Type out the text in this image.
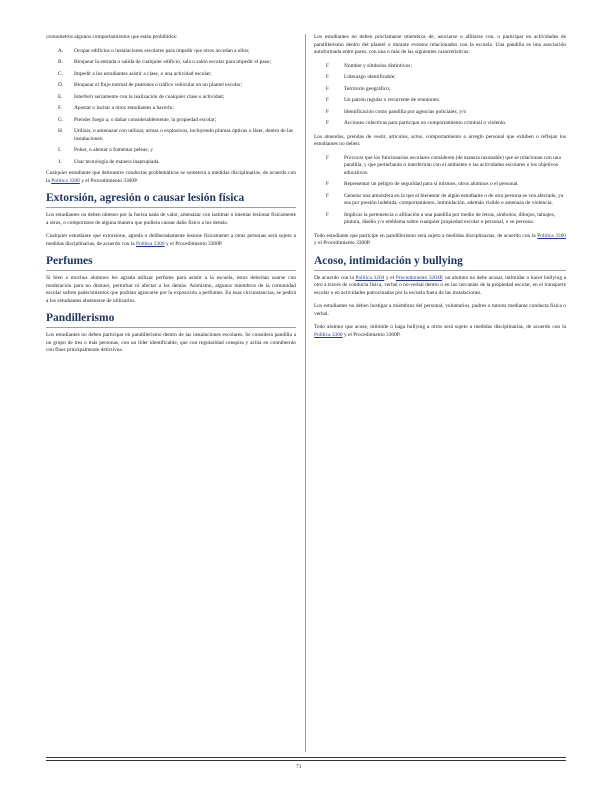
cronometros algunos comportamientos que están prohibidos:

A.	Ocupar edificios o instalaciones escolares para impedir que otros accedan a ellos;
B.	Bloquear la entrada o salida de cualquier edificio, sala o salón escolar para impedir el paso;
C.	Impedir a los estudiantes asistir a clase, o una actividad escolar;
D.	Bloquear el flujo normal de peatones o tráfico vehicular en un plantel escolar;
E.	Interferir seriamente con la realización de cualquier clase o actividad;
F.	Apostar o incitar a otros estudiantes a hacerlo;
G.	Prender fuego a, o dañar considerablemente, la propiedad escolar;
H.	Utilizar, o amenazar con utilizar, armas o explosivos, incluyendo plumas ópticas o láser, dentro de las instalaciones;
I.	Poker, o alentar o fomentar peleas; y
J.	Usar tecnología de manera inapropiada.

Cualquier estudiante que demuestre conductas problemáticas se someterá a medidas disciplinarias, de acuerdo con la Política 3300 y el Procedimiento 3300P.

Extorsión, agresión o causar lesión física

Los estudiantes no deben obtener por la fuerza nada de valor, amenazar con lastimar o intentar lesionar físicamente a otros, o comportarse de alguna manera que pudiera causar daño físico a los demás.

Cualquier estudiante que extorsione, agreda o deliberadamente lesione físicamente a otras personas será sujeto a medidas disciplinarias, de acuerdo con la Política 3300 y el Procedimiento 3300P.

Perfumes

Si bien a muchos alumnos les agrada utilizar perfume para asistir a la escuela, éstos deberían usarse con moderación para no distraer, perturbar ni afectar a los demás. Asimismo, algunos miembros de la comunidad escolar sufren padecimientos que podrían agravarse por la exposición a perfumes. En esas circunstancias, se pedirá a los estudiantes abstenerse de utilizarlos.

Pandillerismo

Los estudiantes no deben participar en pandillerismo dentro de las instalaciones escolares. Se considera pandilla a un grupo de tres o más personas, con un líder identificable, que con regularidad conspira y actúa en contubernio con fines principalmente delictivos.

Los estudiantes no deben proclamarse miembros de, asociarse o afiliarse con, o participar en actividades de pandillerismo dentro del plantel o durante eventos relacionados con la escuela. Una pandilla es una asociación autoformada entre pares, con una o más de las siguientes características:

F	Nombre y símbolos distintivos;
F	Liderazgo identificable;
F	Territorio geográfico;
F	Un patrón regular o recurrente de reuniones;
F	Identificación como pandilla por agencias policiales; y/o
F	Acciones colectivas para participar en comportamiento criminal o violento.

Los atuendos, prendas de vestir, artículos, actos, comportamiento o arreglo personal que exhiben o reflejan los estudiantes no deben:

F	Provocar que los funcionarios escolares consideren (de manera razonable) que se relacionan con una pandilla, y que perturbarán o interferirán con el ambiente o las actividades escolares o los objetivos educativos.
F	Representar un peligro de seguridad para sí mismos, otros alumnos o el personal.
F	Generar una atmósfera en la que el bienestar de algún estudiante o de otra persona se vea afectado, ya sea por presión indebida, comportamiento, intimidación, ademán visible o amenaza de violencia.
F	Implicar la pertenencia o afiliación a una pandilla por medio de letras, símbolos, dibujos, tatuajes, pintura, diseño y/o emblema sobre cualquier propiedad escolar o personal, o su persona.

Todo estudiante que participe en pandillerismo será sujeto a medidas disciplinarias, de acuerdo con la Política 3300 y el Procedimiento 3300P.

Acoso, intimidación y bullying

De acuerdo con la Política 3204 y el Procedimiento 3204P, un alumno no debe acosar, intimidar o hacer bullying a otro a través de conducta física, verbal o no-verbal dentro o en las cercanías de la propiedad escolar, en el transporte escolar o en actividades patrocinadas por la escuela fuera de las instalaciones.

Los estudiantes no deben hostigar a miembros del personal, voluntarios, padres o tutores mediante conducta física o verbal.

Todo alumno que acose, intimide o haga bullying a otros será sujeto a medidas disciplinarias, de acuerdo con la Política 3300 y el Procedimiento 3300P.

71
